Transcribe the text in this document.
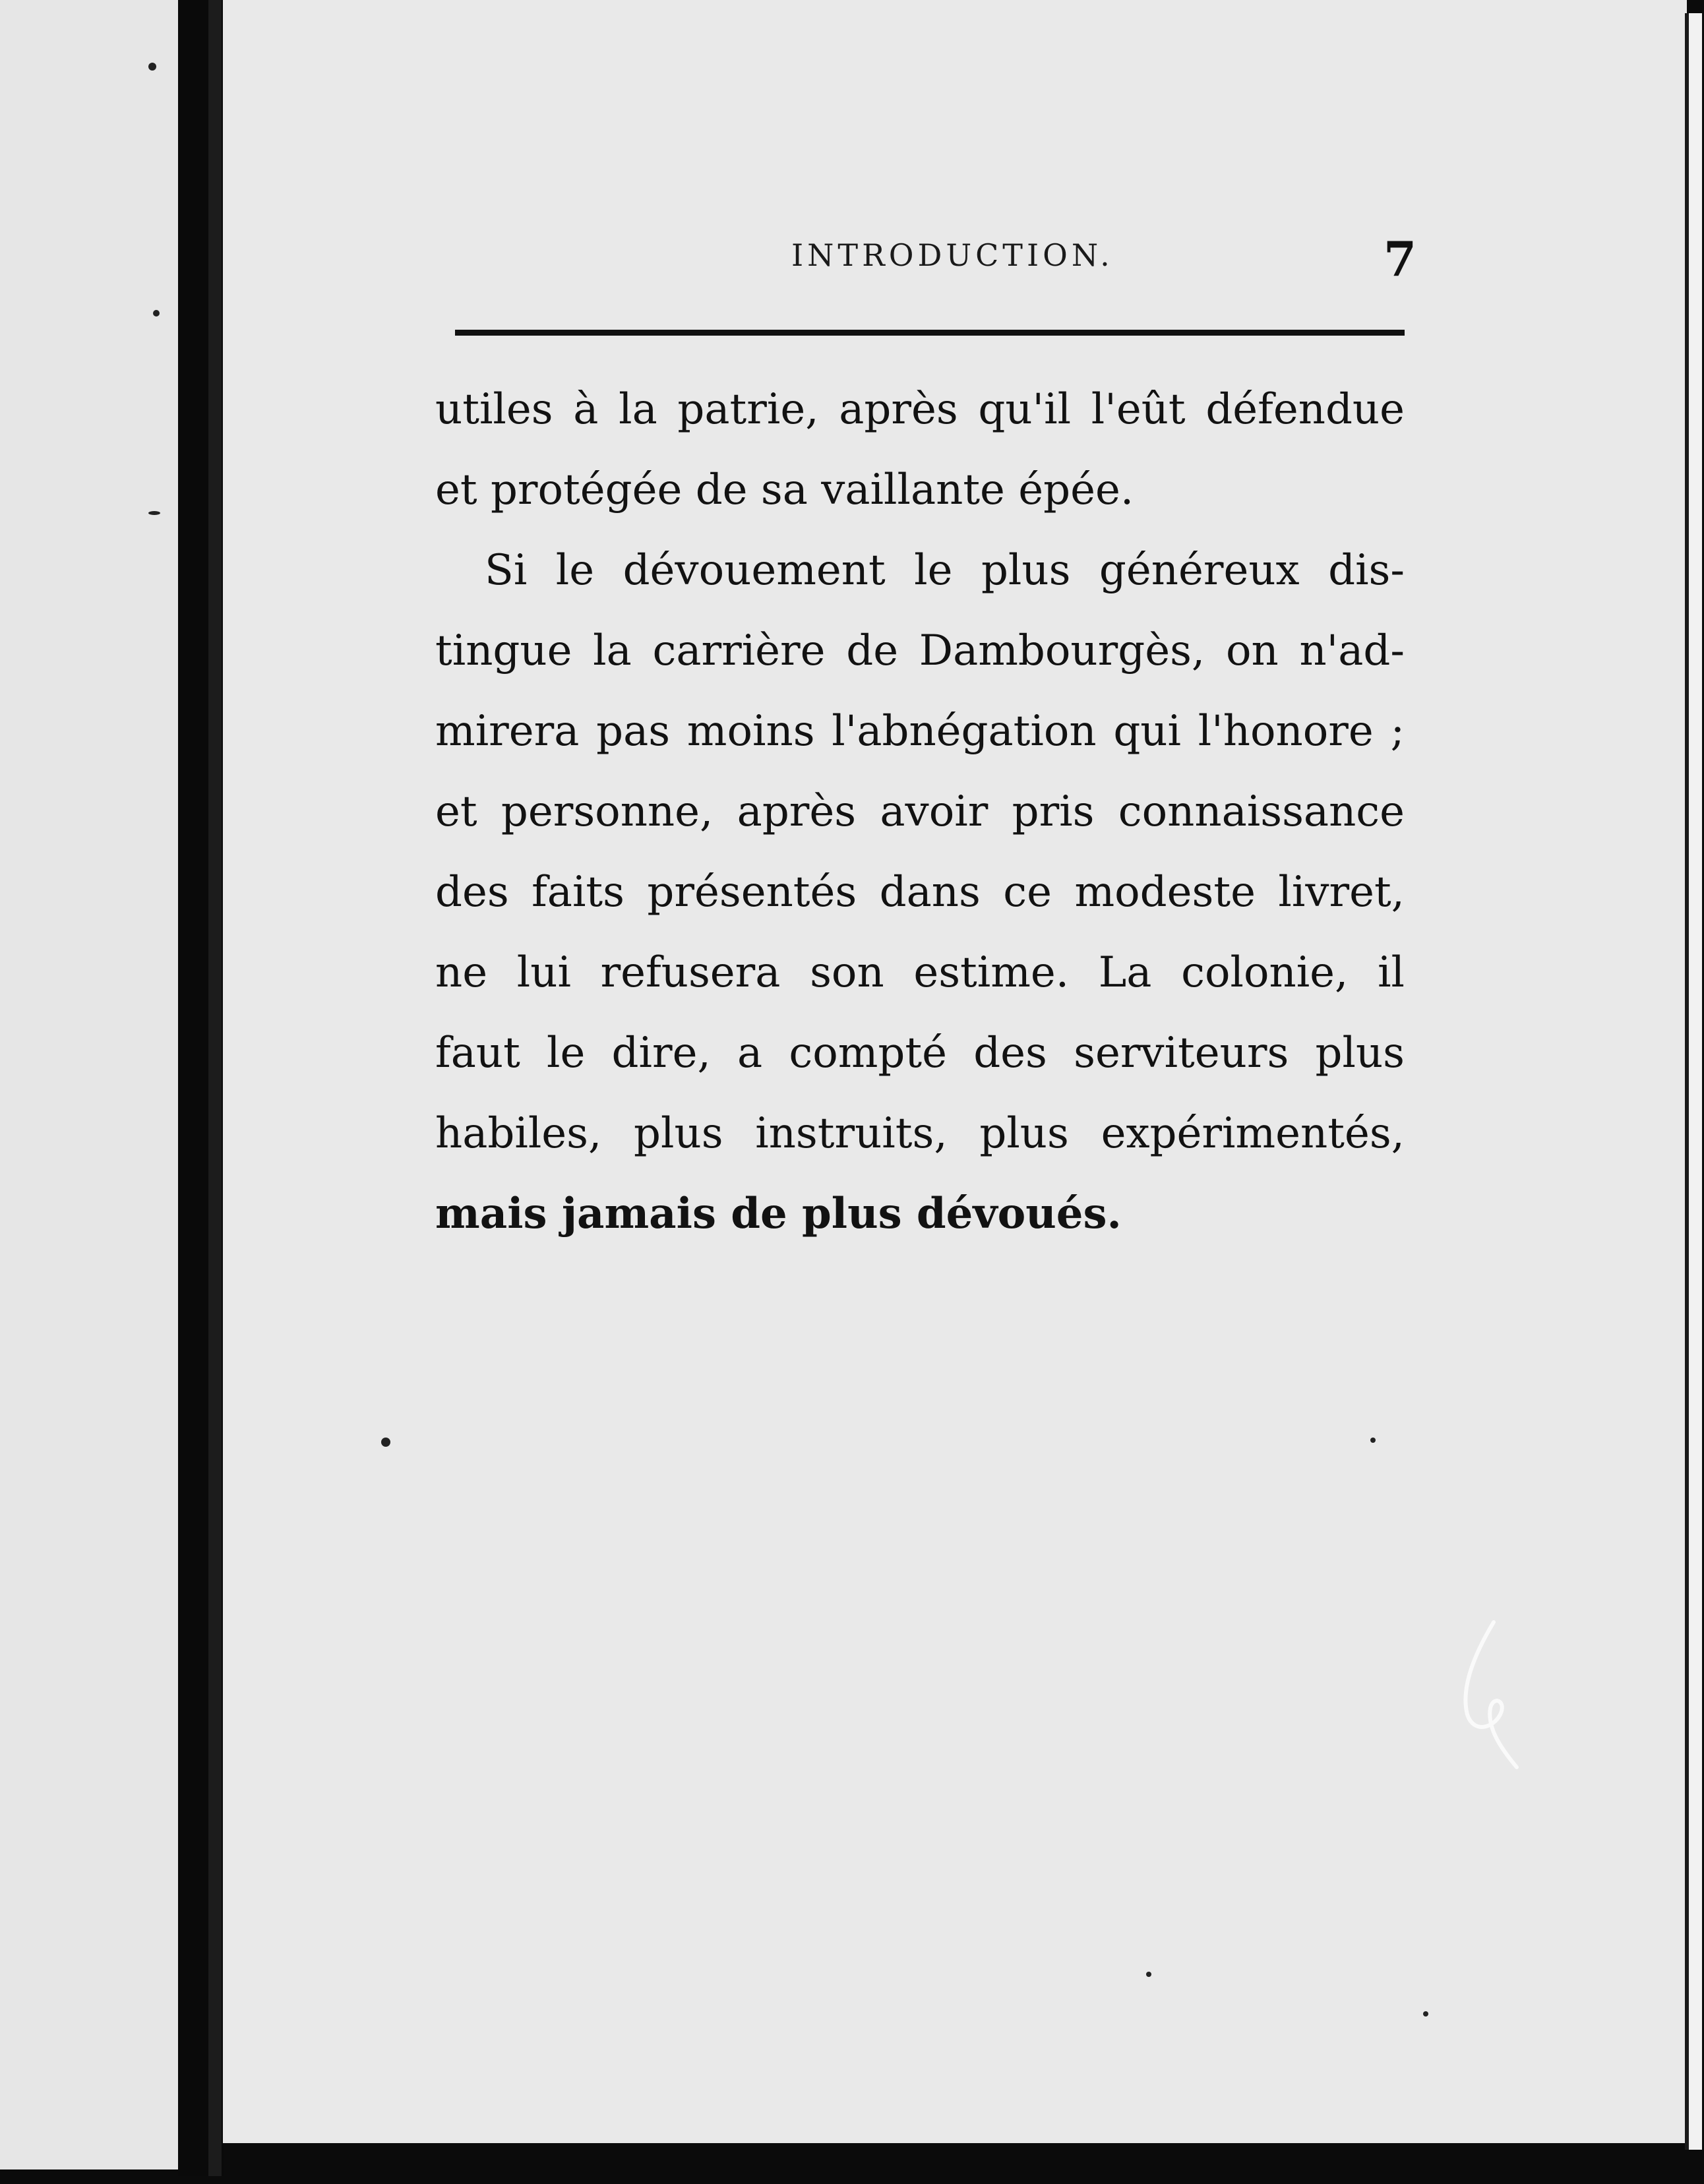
INTRODUCTION.	7
utiles à la patrie, après qu'il l'eût défendue
et protégée de sa vaillante épée.
Si le dévouement le plus généreux dis-
tingue la carrière de Dambourgès, on n'ad-
mirera pas moins l'abnégation qui l'honore ;
et personne, après avoir pris connaissance
des faits présentés dans ce modeste livret,
ne lui refusera son estime. La colonie, il
faut le dire, a compté des serviteurs plus
habiles, plus instruits, plus expérimentés,
mais jamais de plus dévoués.
